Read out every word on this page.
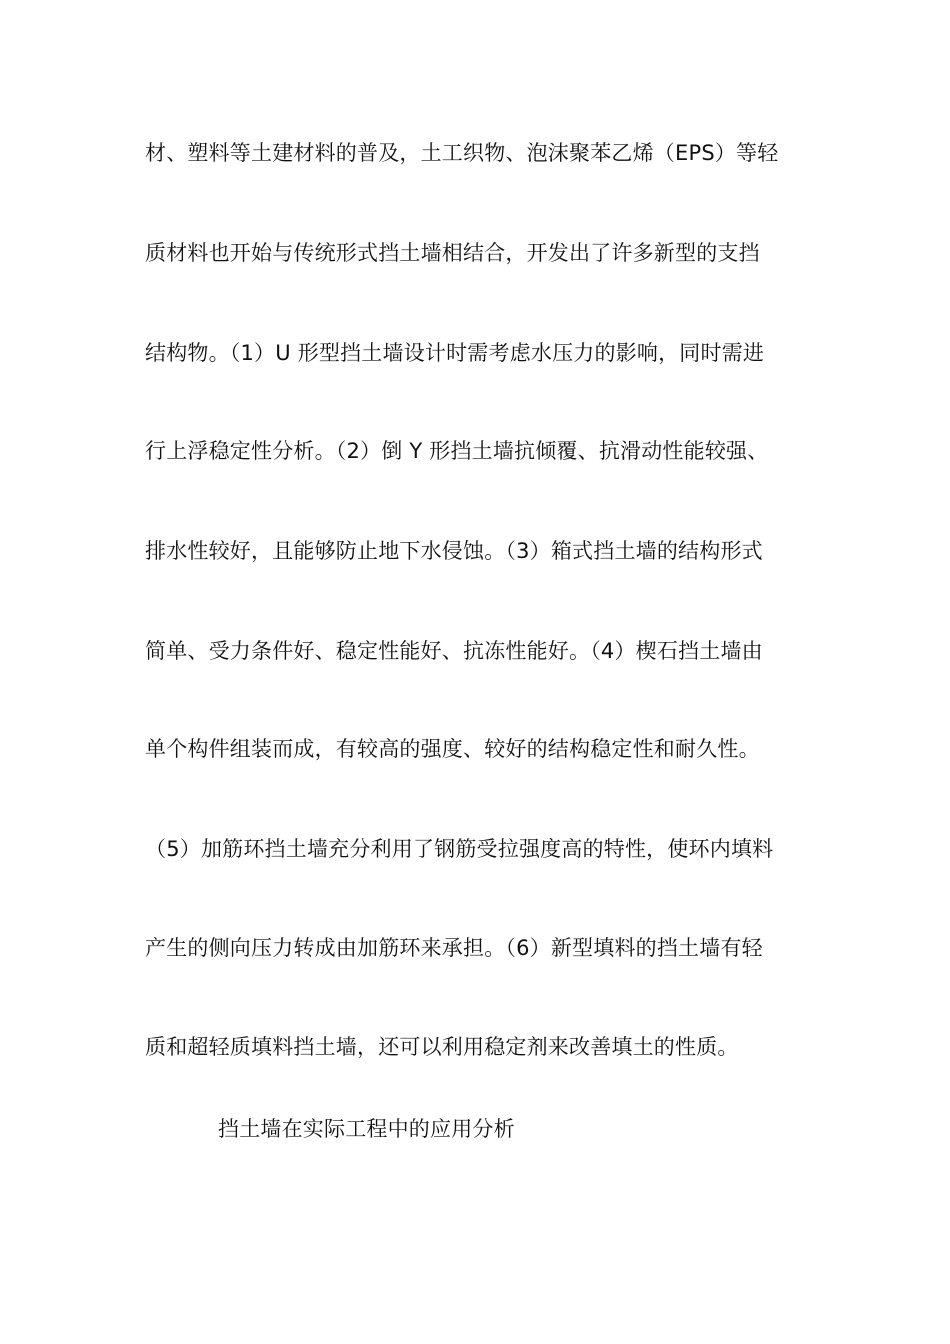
材、塑料等土建材料的普及，土工织物、泡沫聚苯乙烯（EPS）等轻
质材料也开始与传统形式挡土墙相结合，开发出了许多新型的支挡
结构物。（1）U 形型挡土墙设计时需考虑水压力的影响，同时需进
行上浮稳定性分析。（2）倒 Y 形挡土墙抗倾覆、抗滑动性能较强、
排水性较好，且能够防止地下水侵蚀。（3）箱式挡土墙的结构形式
简单、受力条件好、稳定性能好、抗冻性能好。（4）楔石挡土墙由
单个构件组装而成，有较高的强度、较好的结构稳定性和耐久性。
（5）加筋环挡土墙充分利用了钢筋受拉强度高的特性，使环内填料
产生的侧向压力转成由加筋环来承担。（6）新型填料的挡土墙有轻
质和超轻质填料挡土墙，还可以利用稳定剂来改善填土的性质。
挡土墙在实际工程中的应用分析
